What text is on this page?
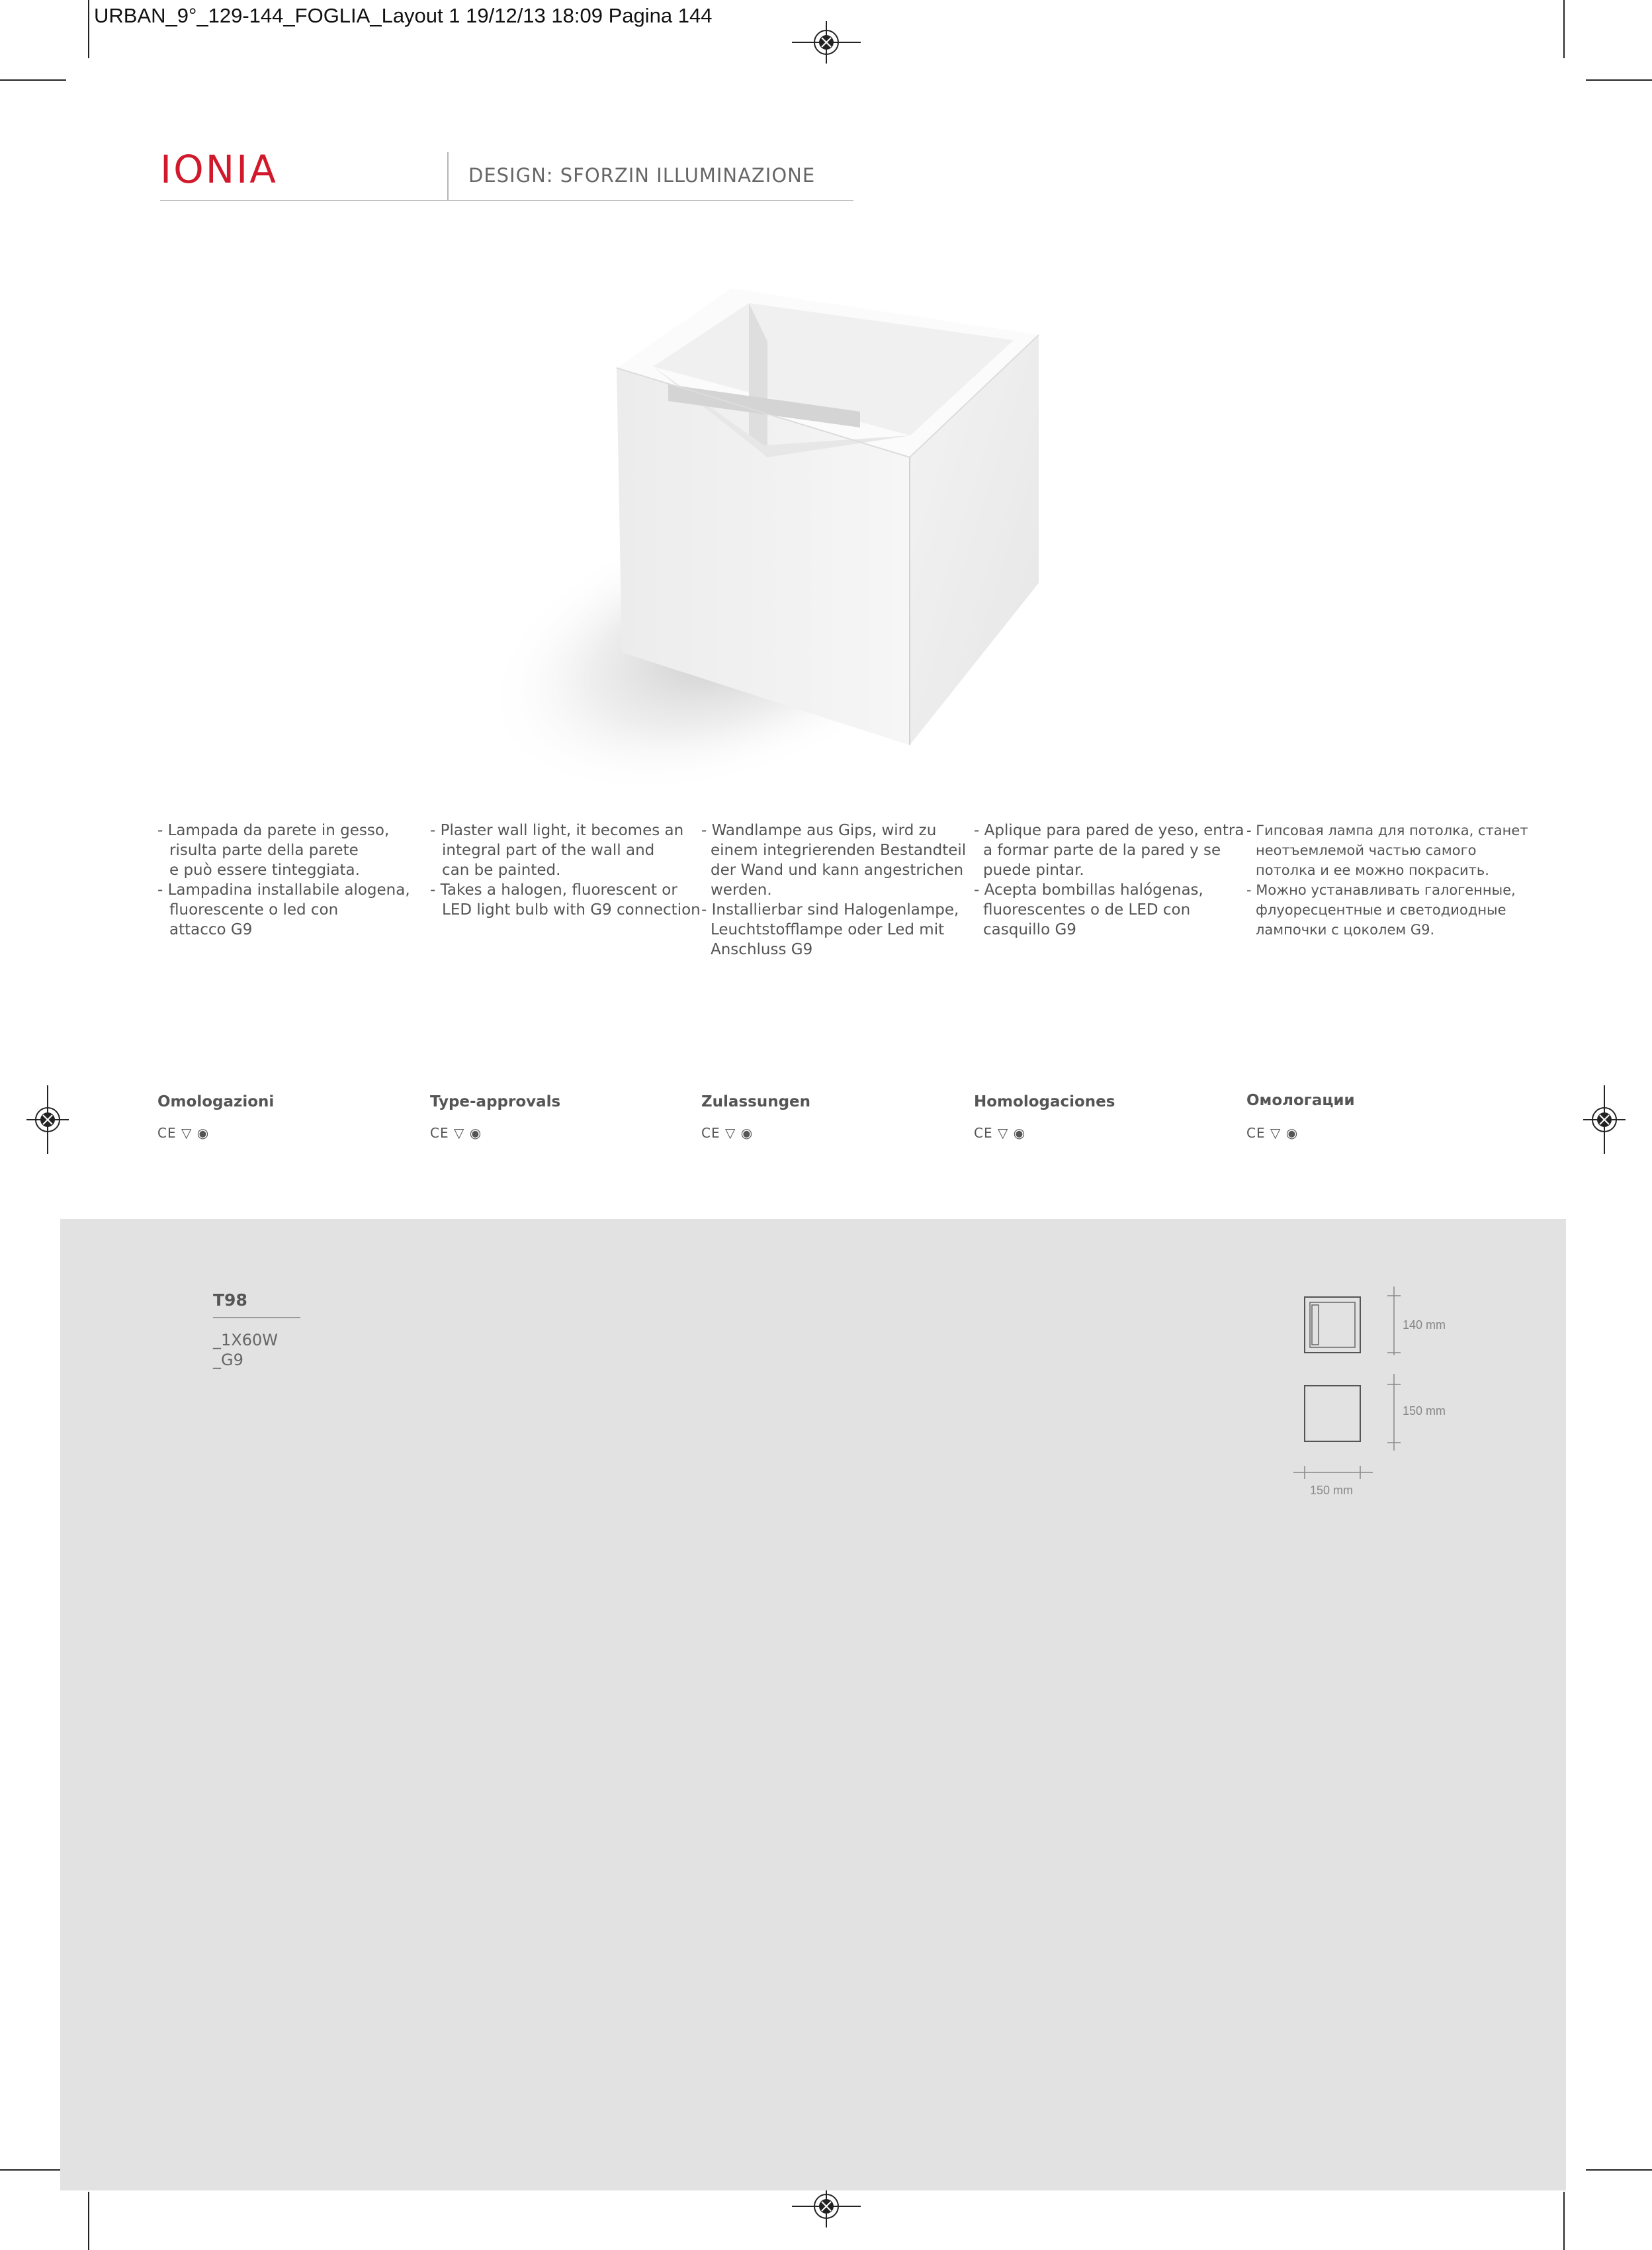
URBAN_9°_129-144_FOGLIA_Layout 1 19/12/13 18:09 Pagina 144
IONIA	DESIGN: SFORZIN ILLUMINAZIONE
- Lampada da parete in gesso,
risulta parte della parete
e può essere tinteggiata.
- Lampadina installabile alogena,
fluorescente o led con
attacco G9
- Plaster wall light, it becomes an
integral part of the wall and
can be painted.
- Takes a halogen, fluorescent or
LED light bulb with G9 connection
- Wandlampe aus Gips, wird zu
einem integrierenden Bestandteil
der Wand und kann angestrichen
werden.
- Installierbar sind Halogenlampe,
Leuchtstofflampe oder Led mit
Anschluss G9
- Aplique para pared de yeso, entra
a formar parte de la pared y se
puede pintar.
- Acepta bombillas halógenas,
fluorescentes o de LED con
casquillo G9
- Гипсовая лампа для потолка, станет
неотъемлемой частью самого
потолка и ее можно покрасить.
- Можно устанавливать галогенные,
флуоресцентные и светодиодные
лампочки с цоколем G9.
Omologazioni	Type-approvals	Zulassungen	Homologaciones	Омологации
CE ▽ ◉	CE ▽ ◉	CE ▽ ◉	CE ▽ ◉	CE ▽ ◉
T98
_1X60W
_G9
140 mm
150 mm
150 mm
